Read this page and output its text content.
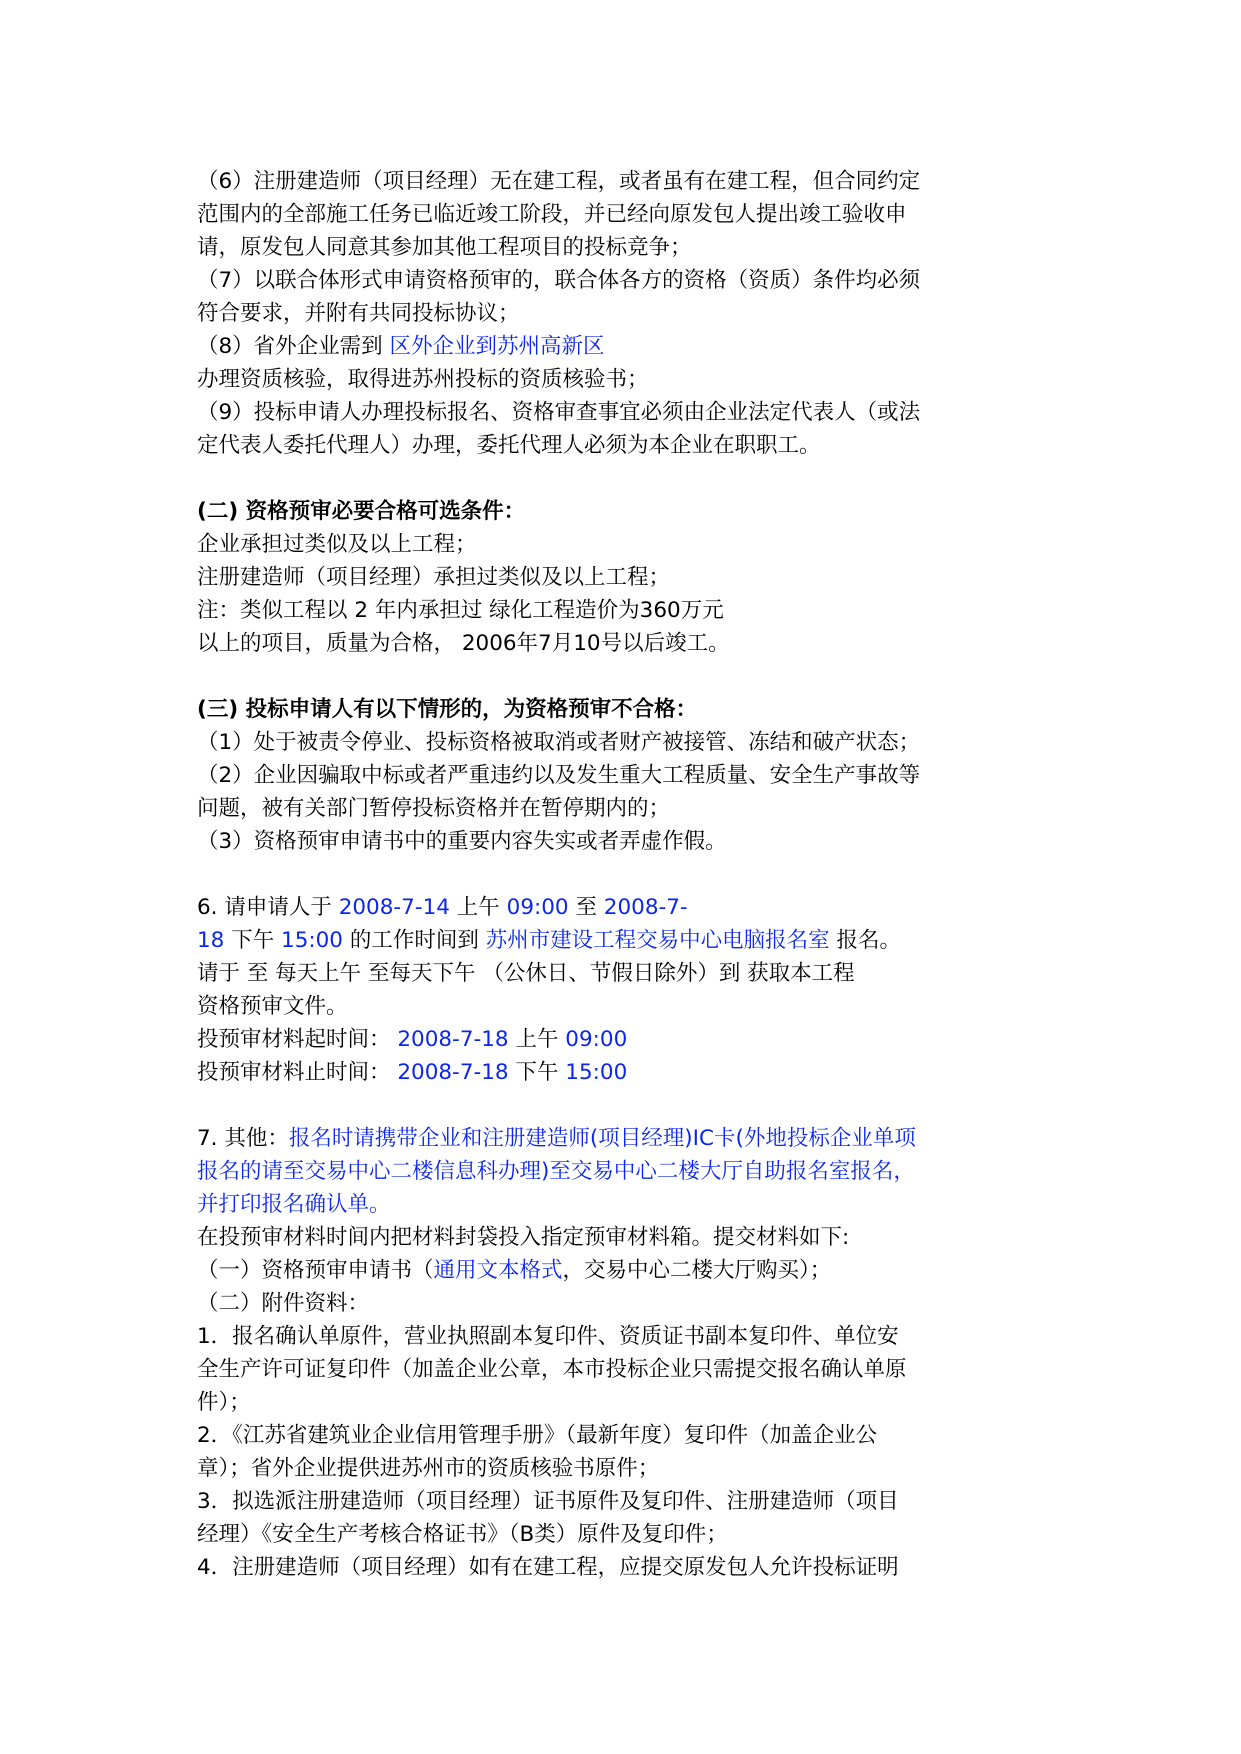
（6）注册建造师（项目经理）无在建工程，或者虽有在建工程，但合同约定
范围内的全部施工任务已临近竣工阶段，并已经向原发包人提出竣工验收申
请，原发包人同意其参加其他工程项目的投标竞争；
（7）以联合体形式申请资格预审的，联合体各方的资格（资质）条件均必须
符合要求，并附有共同投标协议；
（8）省外企业需到 区外企业到苏州高新区
办理资质核验，取得进苏州投标的资质核验书；
（9）投标申请人办理投标报名、资格审查事宜必须由企业法定代表人（或法
定代表人委托代理人）办理，委托代理人必须为本企业在职职工。
(二) 资格预审必要合格可选条件：
企业承担过类似及以上工程；
注册建造师（项目经理）承担过类似及以上工程；
注：类似工程以 2 年内承担过 绿化工程造价为360万元
以上的项目，质量为合格， 2006年7月10号以后竣工。
(三) 投标申请人有以下情形的，为资格预审不合格：
（1）处于被责令停业、投标资格被取消或者财产被接管、冻结和破产状态；
（2）企业因骗取中标或者严重违约以及发生重大工程质量、安全生产事故等
问题，被有关部门暂停投标资格并在暂停期内的；
（3）资格预审申请书中的重要内容失实或者弄虚作假。
6. 请申请人于 2008-7-14 上午 09:00 至 2008-7-
18 下午 15:00 的工作时间到 苏州市建设工程交易中心电脑报名室 报名。
请于 至 每天上午 至每天下午 （公休日、节假日除外）到 获取本工程
资格预审文件。
投预审材料起时间： 2008-7-18 上午 09:00
投预审材料止时间： 2008-7-18 下午 15:00
7. 其他：报名时请携带企业和注册建造师(项目经理)IC卡(外地投标企业单项
报名的请至交易中心二楼信息科办理)至交易中心二楼大厅自助报名室报名，
并打印报名确认单。
在投预审材料时间内把材料封袋投入指定预审材料箱。提交材料如下:
（一）资格预审申请书（通用文本格式，交易中心二楼大厅购买）；
（二）附件资料：
1．报名确认单原件，营业执照副本复印件、资质证书副本复印件、单位安
全生产许可证复印件（加盖企业公章，本市投标企业只需提交报名确认单原
件）；
2．《江苏省建筑业企业信用管理手册》（最新年度）复印件（加盖企业公
章）；省外企业提供进苏州市的资质核验书原件；
3．拟选派注册建造师（项目经理）证书原件及复印件、注册建造师（项目
经理）《安全生产考核合格证书》（B类）原件及复印件；
4．注册建造师（项目经理）如有在建工程，应提交原发包人允许投标证明
